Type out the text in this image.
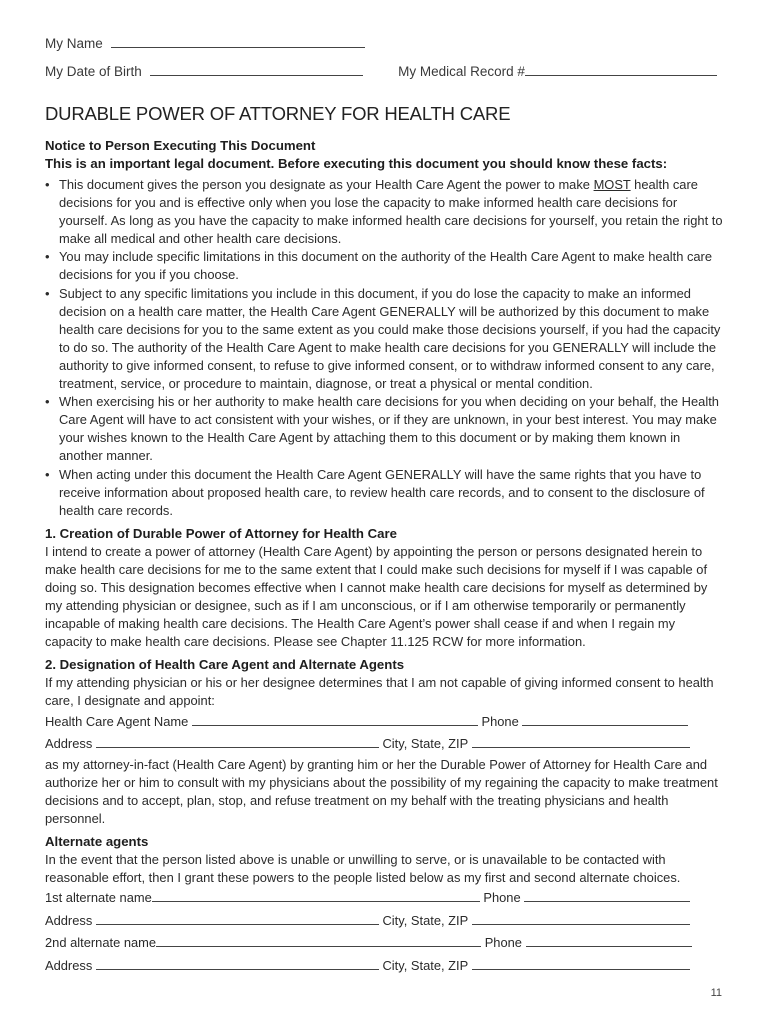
My Name
My Date of Birth	My Medical Record #
DURABLE POWER OF ATTORNEY FOR HEALTH CARE
Notice to Person Executing This Document
This is an important legal document. Before executing this document you should know these facts:
• This document gives the person you designate as your Health Care Agent the power to make MOST health care decisions for you and is effective only when you lose the capacity to make informed health care decisions for yourself. As long as you have the capacity to make informed health care decisions for yourself, you retain the right to make all medical and other health care decisions.
• You may include specific limitations in this document on the authority of the Health Care Agent to make health care decisions for you if you choose.
• Subject to any specific limitations you include in this document, if you do lose the capacity to make an informed decision on a health care matter, the Health Care Agent GENERALLY will be authorized by this document to make health care decisions for you to the same extent as you could make those decisions yourself, if you had the capacity to do so. The authority of the Health Care Agent to make health care decisions for you GENERALLY will include the authority to give informed consent, to refuse to give informed consent, or to withdraw informed consent to any care, treatment, service, or procedure to maintain, diagnose, or treat a physical or mental condition.
• When exercising his or her authority to make health care decisions for you when deciding on your behalf, the Health Care Agent will have to act consistent with your wishes, or if they are unknown, in your best interest. You may make your wishes known to the Health Care Agent by attaching them to this document or by making them known in another manner.
• When acting under this document the Health Care Agent GENERALLY will have the same rights that you have to receive information about proposed health care, to review health care records, and to consent to the disclosure of health care records.
1. Creation of Durable Power of Attorney for Health Care
I intend to create a power of attorney (Health Care Agent) by appointing the person or persons designated herein to make health care decisions for me to the same extent that I could make such decisions for myself if I was capable of doing so. This designation becomes effective when I cannot make health care decisions for myself as determined by my attending physician or designee, such as if I am unconscious, or if I am otherwise temporarily or permanently incapable of making health care decisions. The Health Care Agent’s power shall cease if and when I regain my capacity to make health care decisions. Please see Chapter 11.125 RCW for more information.
2. Designation of Health Care Agent and Alternate Agents
If my attending physician or his or her designee determines that I am not capable of giving informed consent to health care, I designate and appoint:
Health Care Agent Name	Phone
Address	City, State, ZIP
as my attorney-in-fact (Health Care Agent) by granting him or her the Durable Power of Attorney for Health Care and authorize her or him to consult with my physicians about the possibility of my regaining the capacity to make treatment decisions and to accept, plan, stop, and refuse treatment on my behalf with the treating physicians and health personnel.
Alternate agents
In the event that the person listed above is unable or unwilling to serve, or is unavailable to be contacted with reasonable effort, then I grant these powers to the people listed below as my first and second alternate choices.
1st alternate name	Phone
Address	City, State, ZIP
2nd alternate name	Phone
Address	City, State, ZIP
11
